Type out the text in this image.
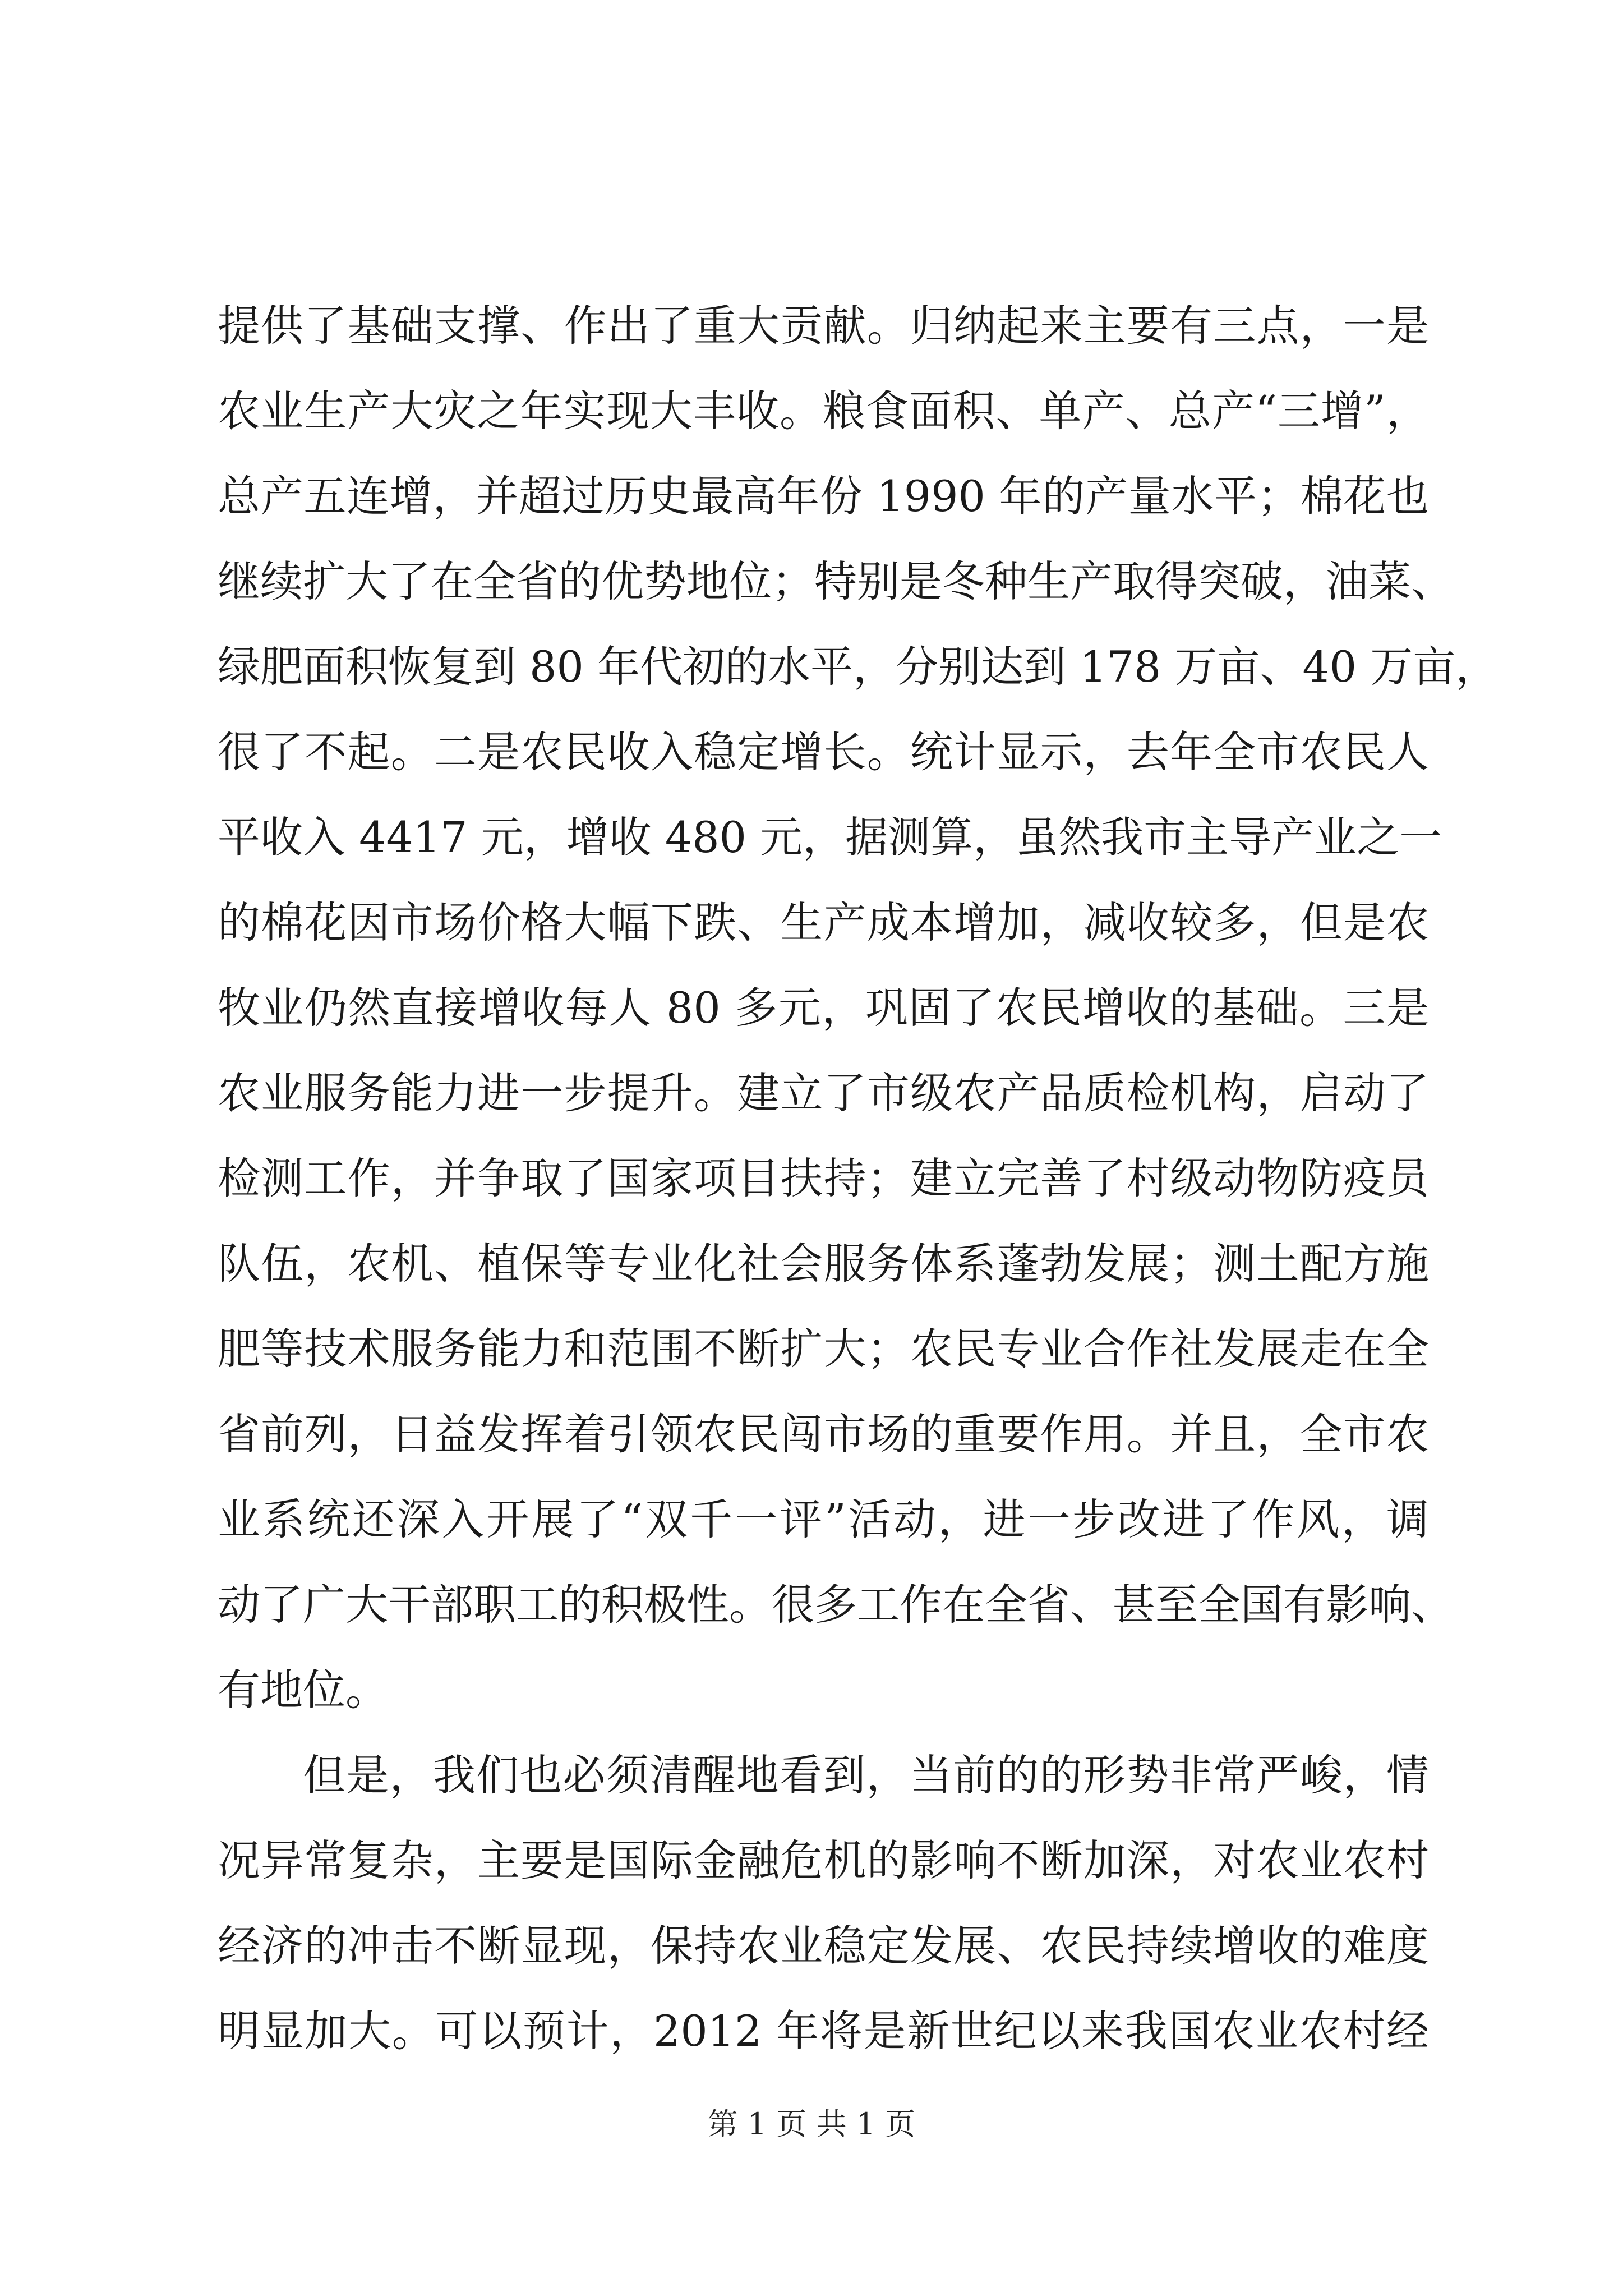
提供了基础支撑、作出了重大贡献。归纳起来主要有三点，一是
农业生产大灾之年实现大丰收。粮食面积、单产、总产“三增”，
总产五连增，并超过历史最高年份 1990 年的产量水平；棉花也
继续扩大了在全省的优势地位；特别是冬种生产取得突破，油菜、
绿肥面积恢复到 80 年代初的水平，分别达到 178 万亩、40 万亩，
很了不起。二是农民收入稳定增长。统计显示，去年全市农民人
平收入 4417 元，增收 480 元，据测算，虽然我市主导产业之一
的棉花因市场价格大幅下跌、生产成本增加，减收较多，但是农
牧业仍然直接增收每人 80 多元，巩固了农民增收的基础。三是
农业服务能力进一步提升。建立了市级农产品质检机构，启动了
检测工作，并争取了国家项目扶持；建立完善了村级动物防疫员
队伍，农机、植保等专业化社会服务体系蓬勃发展；测土配方施
肥等技术服务能力和范围不断扩大；农民专业合作社发展走在全
省前列，日益发挥着引领农民闯市场的重要作用。并且，全市农
业系统还深入开展了“双千一评”活动，进一步改进了作风，调
动了广大干部职工的积极性。很多工作在全省、甚至全国有影响、
有地位。
但是，我们也必须清醒地看到，当前的的形势非常严峻，情
况异常复杂，主要是国际金融危机的影响不断加深，对农业农村
经济的冲击不断显现，保持农业稳定发展、农民持续增收的难度
明显加大。可以预计，2012 年将是新世纪以来我国农业农村经
第 1 页 共 1 页
